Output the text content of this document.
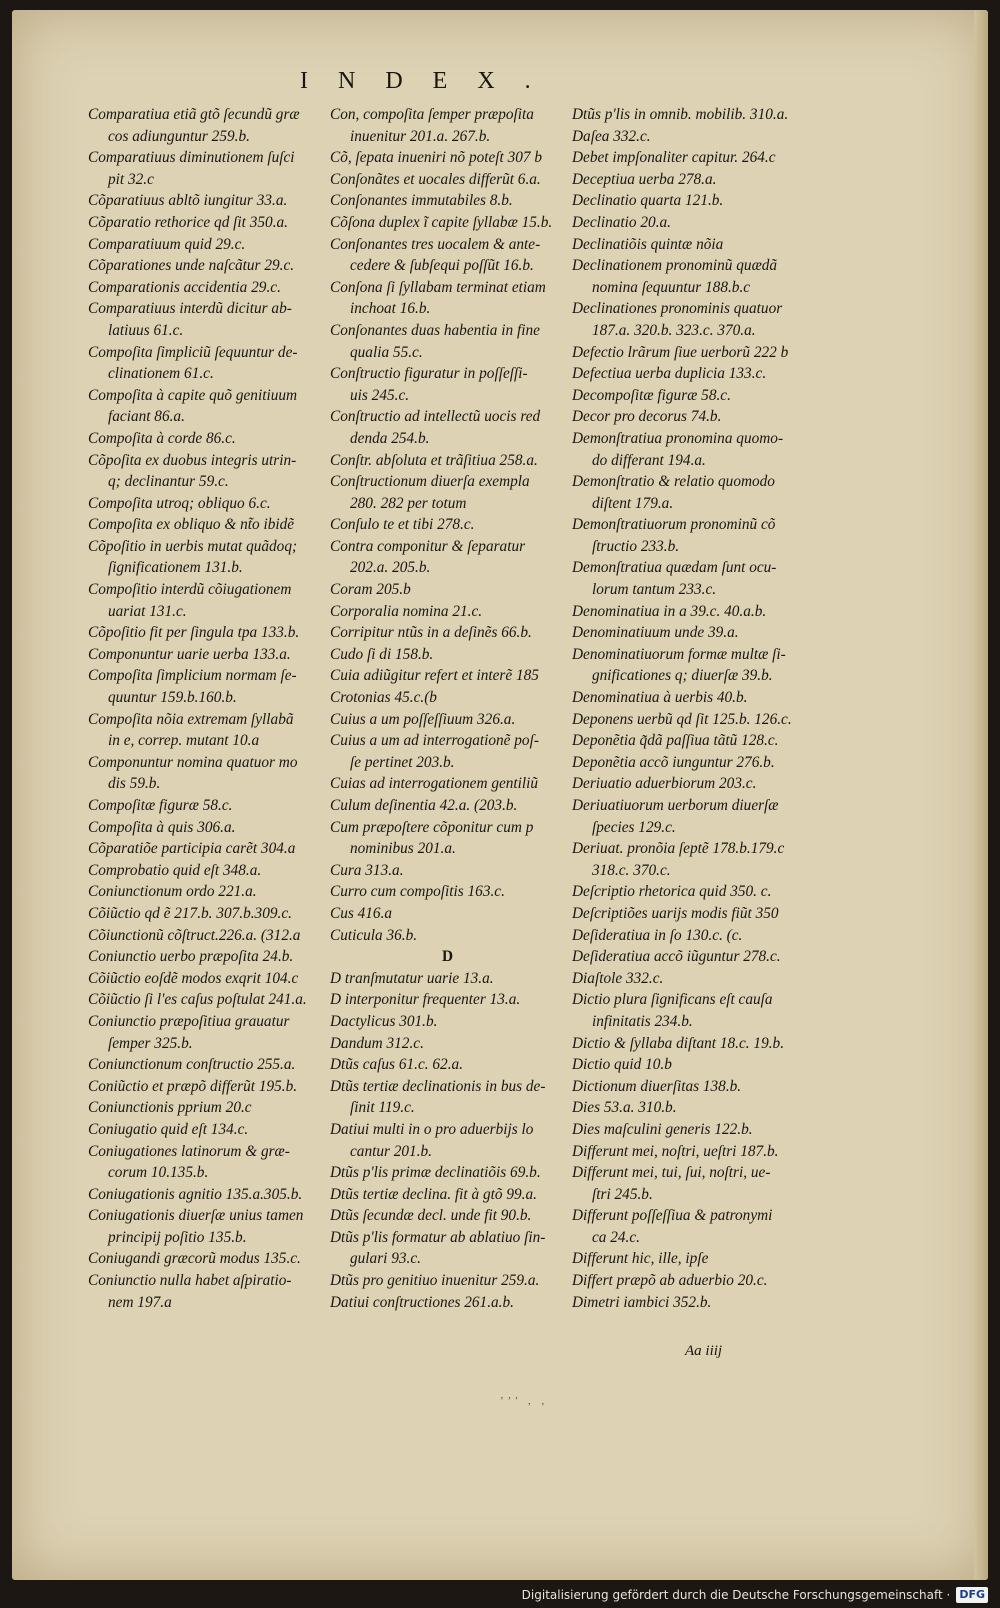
INDEX.
Comparatiua etiã gtõ ſecundũ græ
cos adiunguntur 259.b.
Comparatiuus diminutionem ſuſci
pit 32.c
Cõparatiuus abltõ iungitur 33.a.
Cõparatio rethorice qd ſit 350.a.
Comparatiuum quid 29.c.
Cõparationes unde naſcãtur 29.c.
Comparationis accidentia 29.c.
Comparatiuus interdũ dicitur ab-
latiuus 61.c.
Compoſita ſimpliciũ ſequuntur de-
clinationem 61.c.
Compoſita à capite quõ genitiuum
faciant 86.a.
Compoſita à corde 86.c.
Cõpoſita ex duobus integris utrin-
q; declinantur 59.c.
Compoſita utroq; obliquo 6.c.
Compoſita ex obliquo & nt̃o ibidẽ
Cõpoſitio in uerbis mutat quãdoq;
ſignificationem 131.b.
Compoſitio interdũ cõiugationem
uariat 131.c.
Cõpoſitio fit per ſingula tpa 133.b.
Componuntur uarie uerba 133.a.
Compoſita ſimplicium normam ſe-
quuntur 159.b.160.b.
Compoſita nõia extremam ſyllabã
in e, correp. mutant 10.a
Componuntur nomina quatuor mo
dis 59.b.
Compoſitæ figuræ 58.c.
Compoſita à quis 306.a.
Cõparatiõe participia carẽt 304.a
Comprobatio quid eſt 348.a.
Coniunctionum ordo 221.a.
Cõiũctio qd ẽ 217.b. 307.b.309.c.
Cõiunctionũ cõſtruct.226.a. (312.a
Coniunctio uerbo præpoſita 24.b.
Cõiũctio eoſdẽ modos exqrit 104.c
Cõiũctio ſi l'es caſus poſtulat 241.a.
Coniunctio præpoſitiua grauatur
ſemper 325.b.
Coniunctionum conſtructio 255.a.
Coniũctio et præpõ differũt 195.b.
Coniunctionis pprium 20.c
Coniugatio quid eſt 134.c.
Coniugationes latinorum & græ-
corum 10.135.b.
Coniugationis agnitio 135.a.305.b.
Coniugationis diuerſæ unius tamen
principij poſitio 135.b.
Coniugandi græcorũ modus 135.c.
Coniunctio nulla habet aſpiratio-
nem 197.a
Con, compoſita ſemper præpoſita
inuenitur 201.a. 267.b.
Cõ, ſepata inueniri nõ poteſt 307 b
Conſonãtes et uocales differũt 6.a.
Conſonantes immutabiles 8.b.
Cõſona duplex ĩ capite ſyllabæ 15.b.
Conſonantes tres uocalem & ante-
cedere & ſubſequi poſſũt 16.b.
Conſona ſi ſyllabam terminat etiam
inchoat 16.b.
Conſonantes duas habentia in fine
qualia 55.c.
Conſtructio figuratur in poſſeſſi-
uis 245.c.
Conſtructio ad intellectũ uocis red
denda 254.b.
Conſtr. abſoluta et trãſitiua 258.a.
Conſtructionum diuerſa exempla
280. 282 per totum
Conſulo te et tibi 278.c.
Contra componitur & ſeparatur
202.a. 205.b.
Coram 205.b
Corporalia nomina 21.c.
Corripitur ntũs in a deſinẽs 66.b.
Cudo ſi di 158.b.
Cuia adiũgitur refert et interẽ 185
Crotonias 45.c.(b
Cuius a um poſſeſſiuum 326.a.
Cuius a um ad interrogationẽ poſ-
ſe pertinet 203.b.
Cuias ad interrogationem gentiliũ
Culum deſinentia 42.a. (203.b.
Cum præpoſtere cõponitur cum p
nominibus 201.a.
Cura 313.a.
Curro cum compoſitis 163.c.
Cus 416.a
Cuticula 36.b.
D
D tranſmutatur uarie 13.a.
D interponitur frequenter 13.a.
Dactylicus 301.b.
Dandum 312.c.
Dtũs caſus 61.c. 62.a.
Dtũs tertiæ declinationis in bus de-
ſinit 119.c.
Datiui multi in o pro aduerbijs lo
cantur 201.b.
Dtũs p'lis primæ declinatiõis 69.b.
Dtũs tertiæ declina. fit à gtõ 99.a.
Dtũs ſecundæ decl. unde fit 90.b.
Dtũs p'lis formatur ab ablatiuo ſin-
gulari 93.c.
Dtũs pro genitiuo inuenitur 259.a.
Datiui conſtructiones 261.a.b.
Dtũs p'lis in omnib. mobilib. 310.a.
Daſea 332.c.
Debet impſonaliter capitur. 264.c
Deceptiua uerba 278.a.
Declinatio quarta 121.b.
Declinatio 20.a.
Declinatiõis quintæ nõia
Declinationem pronominũ quædã
nomina ſequuntur 188.b.c
Declinationes pronominis quatuor
187.a. 320.b. 323.c. 370.a.
Defectio lrãrum ſiue uerborũ 222 b
Defectiua uerba duplicia 133.c.
Decompoſitæ figuræ 58.c.
Decor pro decorus 74.b.
Demonſtratiua pronomina quomo-
do differant 194.a.
Demonſtratio & relatio quomodo
diſtent 179.a.
Demonſtratiuorum pronominũ cõ
ſtructio 233.b.
Demonſtratiua quædam ſunt ocu-
lorum tantum 233.c.
Denominatiua in a 39.c. 40.a.b.
Denominatiuum unde 39.a.
Denominatiuorum formæ multæ ſi-
gnificationes q; diuerſæ 39.b.
Denominatiua à uerbis 40.b.
Deponens uerbũ qd ſit 125.b. 126.c.
Deponẽtia q̃dã paſſiua tãtũ 128.c.
Deponẽtia accõ iunguntur 276.b.
Deriuatio aduerbiorum 203.c.
Deriuatiuorum uerborum diuerſæ
ſpecies 129.c.
Deriuat. pronõia ſeptẽ 178.b.179.c
318.c. 370.c.
Deſcriptio rhetorica quid 350. c.
Deſcriptiões uarijs modis fiũt 350
Deſideratiua in ſo 130.c. (c.
Deſideratiua accõ iũguntur 278.c.
Diaſtole 332.c.
Dictio plura ſignificans eſt cauſa
infinitatis 234.b.
Dictio & ſyllaba diſtant 18.c. 19.b.
Dictio quid 10.b
Dictionum diuerſitas 138.b.
Dies 53.a. 310.b.
Dies maſculini generis 122.b.
Differunt mei, noſtri, ueſtri 187.b.
Differunt mei, tui, ſui, noſtri, ue-
ſtri 245.b.
Differunt poſſeſſiua & patronymi
ca 24.c.
Differunt hic, ille, ipſe
Differt præpõ ab aduerbio 20.c.
Dimetri iambici 352.b.
Aa iiij
ʼʼ' , ,
Digitalisierung gefördert durch die Deutsche Forschungsgemeinschaft · DFG
